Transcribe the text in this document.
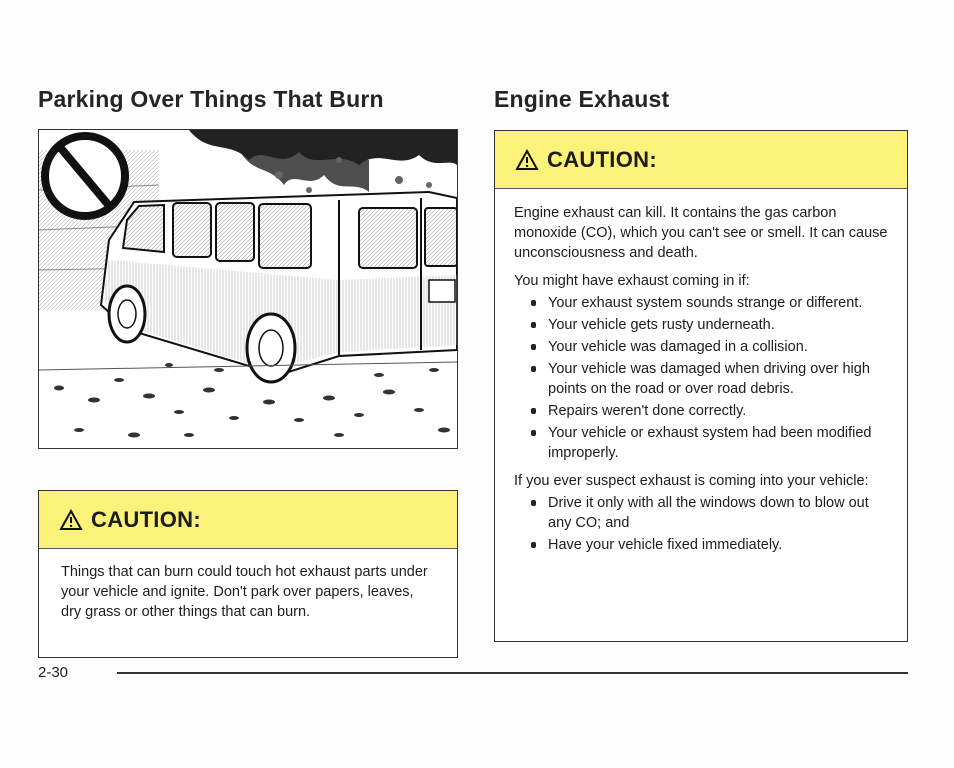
Parking Over Things That Burn	Engine Exhaust
CAUTION:

Things that can burn could touch hot exhaust parts under your vehicle and ignite. Don't park over papers, leaves, dry grass or other things that can burn.

CAUTION:

Engine exhaust can kill. It contains the gas carbon monoxide (CO), which you can't see or smell. It can cause unconsciousness and death.

You might have exhaust coming in if:

Your exhaust system sounds strange or different.
Your vehicle gets rusty underneath.
Your vehicle was damaged in a collision.
Your vehicle was damaged when driving over high points on the road or over road debris.
Repairs weren't done correctly.
Your vehicle or exhaust system had been modified improperly.

If you ever suspect exhaust is coming into your vehicle:

Drive it only with all the windows down to blow out any CO; and
Have your vehicle fixed immediately.
2-30
